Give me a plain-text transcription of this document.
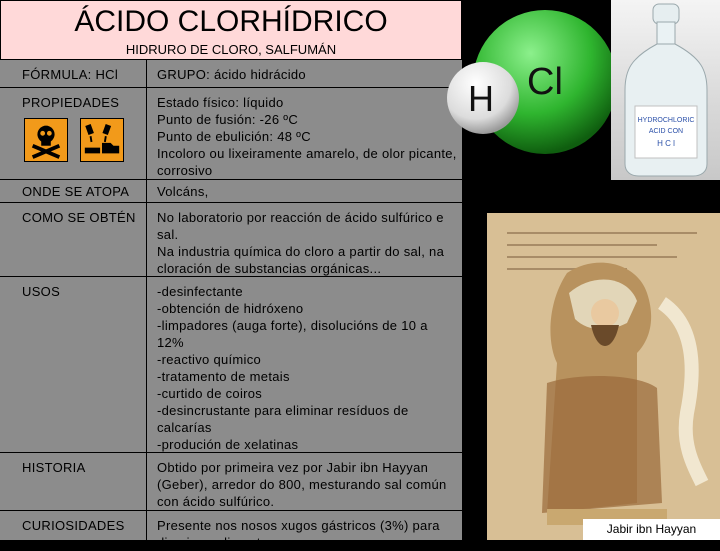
ÁCIDO CLORHÍDRICO
HIDRURO DE CLORO, SALFUMÁN
FÓRMULA: HCl	GRUPO: ácido hidrácido
PROPIEDADES	Estado físico: líquido
Punto de fusión: -26 ºC
Punto de ebulición: 48 ºC
Incoloro ou lixeiramente amarelo, de olor picante, corrosivo
ONDE SE ATOPA Volcáns,
COMO SE OBTÉN No laboratorio por reacción de ácido sulfúrico e sal.
Na industria química do cloro a partir do sal, na cloración de substancias orgánicas...
USOS	-desinfectante
-obtención de hidróxeno
-limpadores (auga forte), disolucións de 10 a 12%
-reactivo químico
-tratamento de metais
-curtido de coiros
-desincrustante para eliminar resíduos de calcarías
-produción de xelatinas
HISTORIA	Obtido por primeira vez por Jabir ibn Hayyan (Geber), arredor do 800, mesturando sal común con ácido sulfúrico.
CURIOSIDADES Presente nos nosos xugos gástricos (3%) para dixerir os alimentos
H Cl
HYDROCHLORIC
ACID CON
H C l
Jabir ibn Hayyan
